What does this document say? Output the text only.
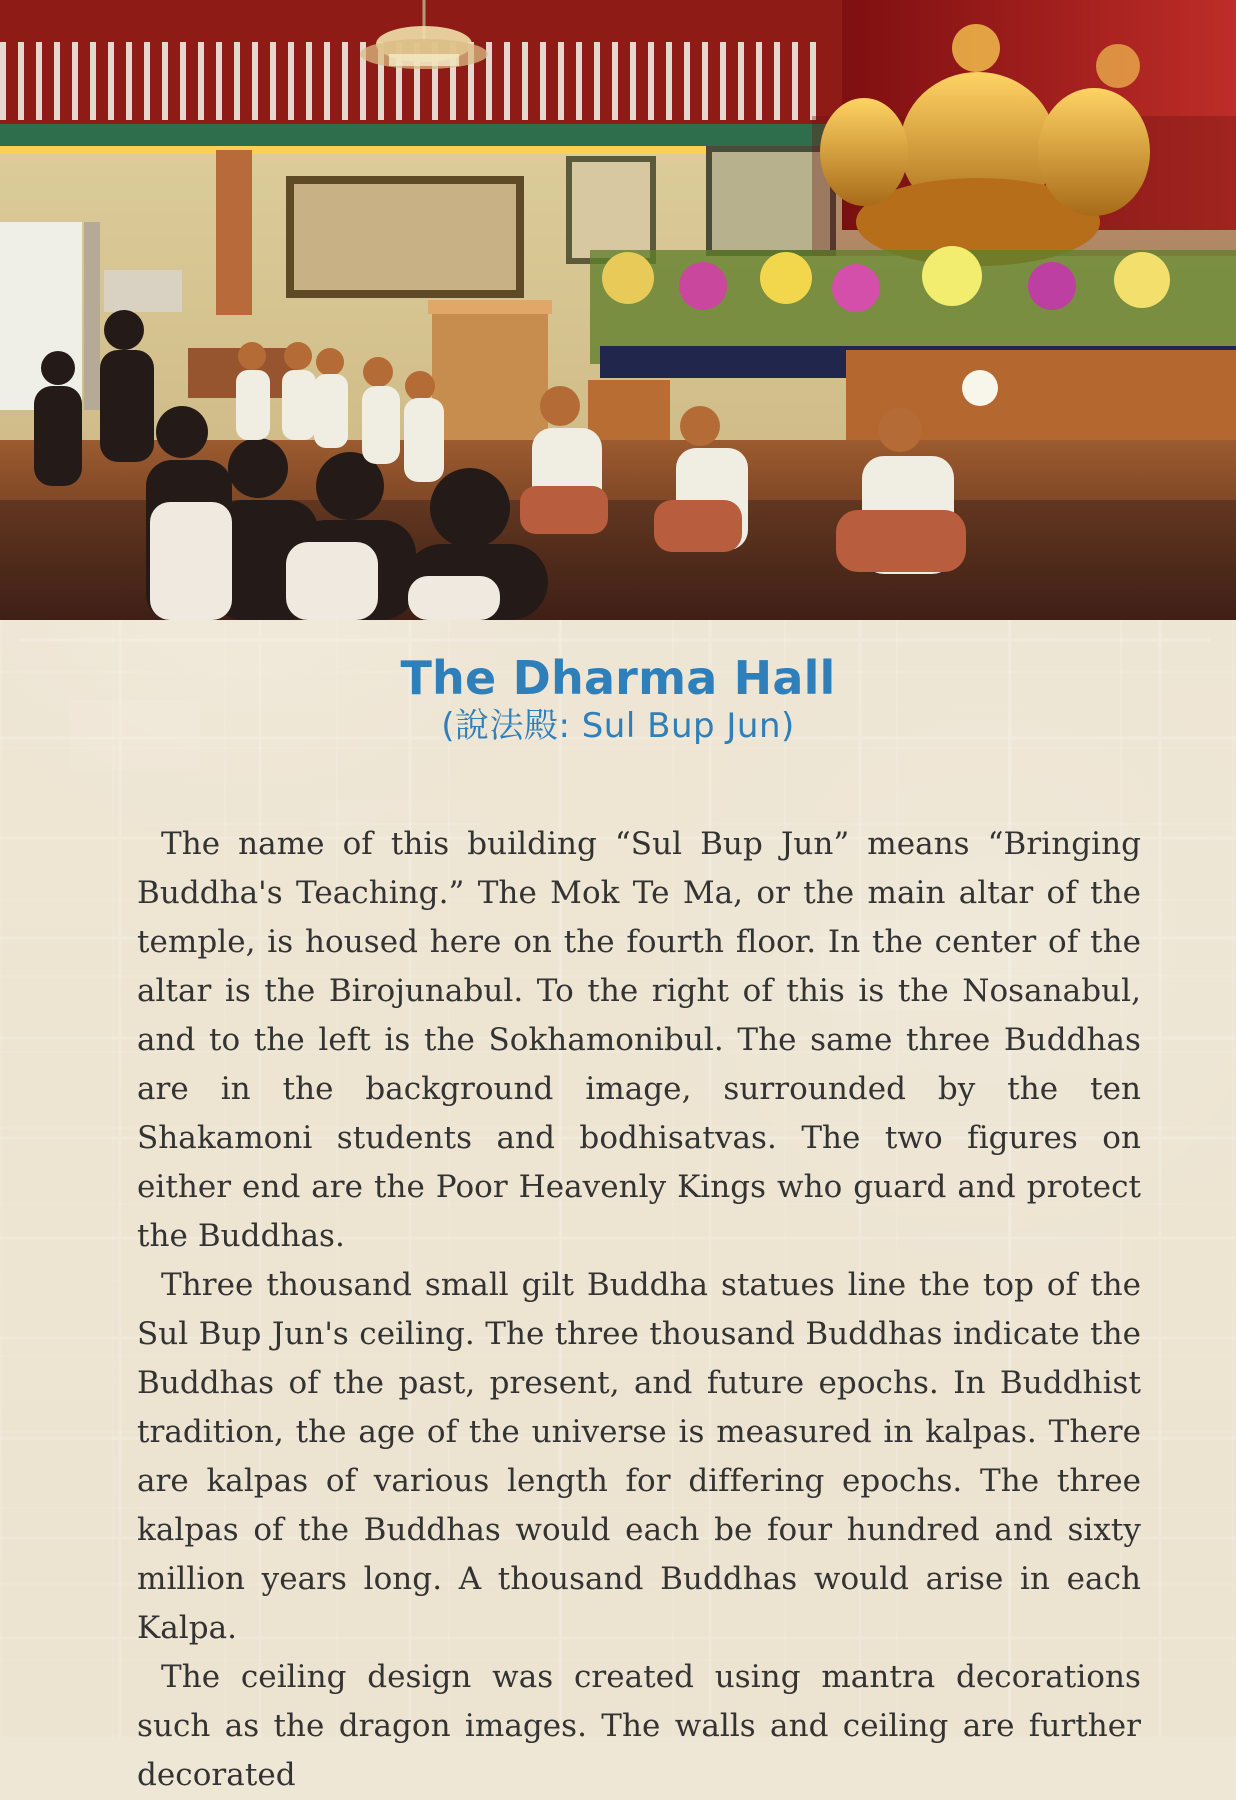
The Dharma Hall
(說法殿: Sul Bup Jun)

The name of this building “Sul Bup Jun” means “Bringing Buddha's Teaching.” The Mok Te Ma, or the main altar of the temple, is housed here on the fourth floor. In the center of the altar is the Birojunabul. To the right of this is the Nosanabul, and to the left is the Sokhamonibul. The same three Buddhas are in the background image, surrounded by the ten Shakamoni students and bodhisatvas. The two figures on either end are the Poor Heavenly Kings who guard and protect the Buddhas.

Three thousand small gilt Buddha statues line the top of the Sul Bup Jun's ceiling. The three thousand Buddhas indicate the Buddhas of the past, present, and future epochs. In Buddhist tradition, the age of the universe is measured in kalpas. There are kalpas of various length for differing epochs. The three kalpas of the Buddhas would each be four hundred and sixty million years long. A thousand Buddhas would arise in each Kalpa.

The ceiling design was created using mantra decorations such as the dragon images. The walls and ceiling are further decorated
